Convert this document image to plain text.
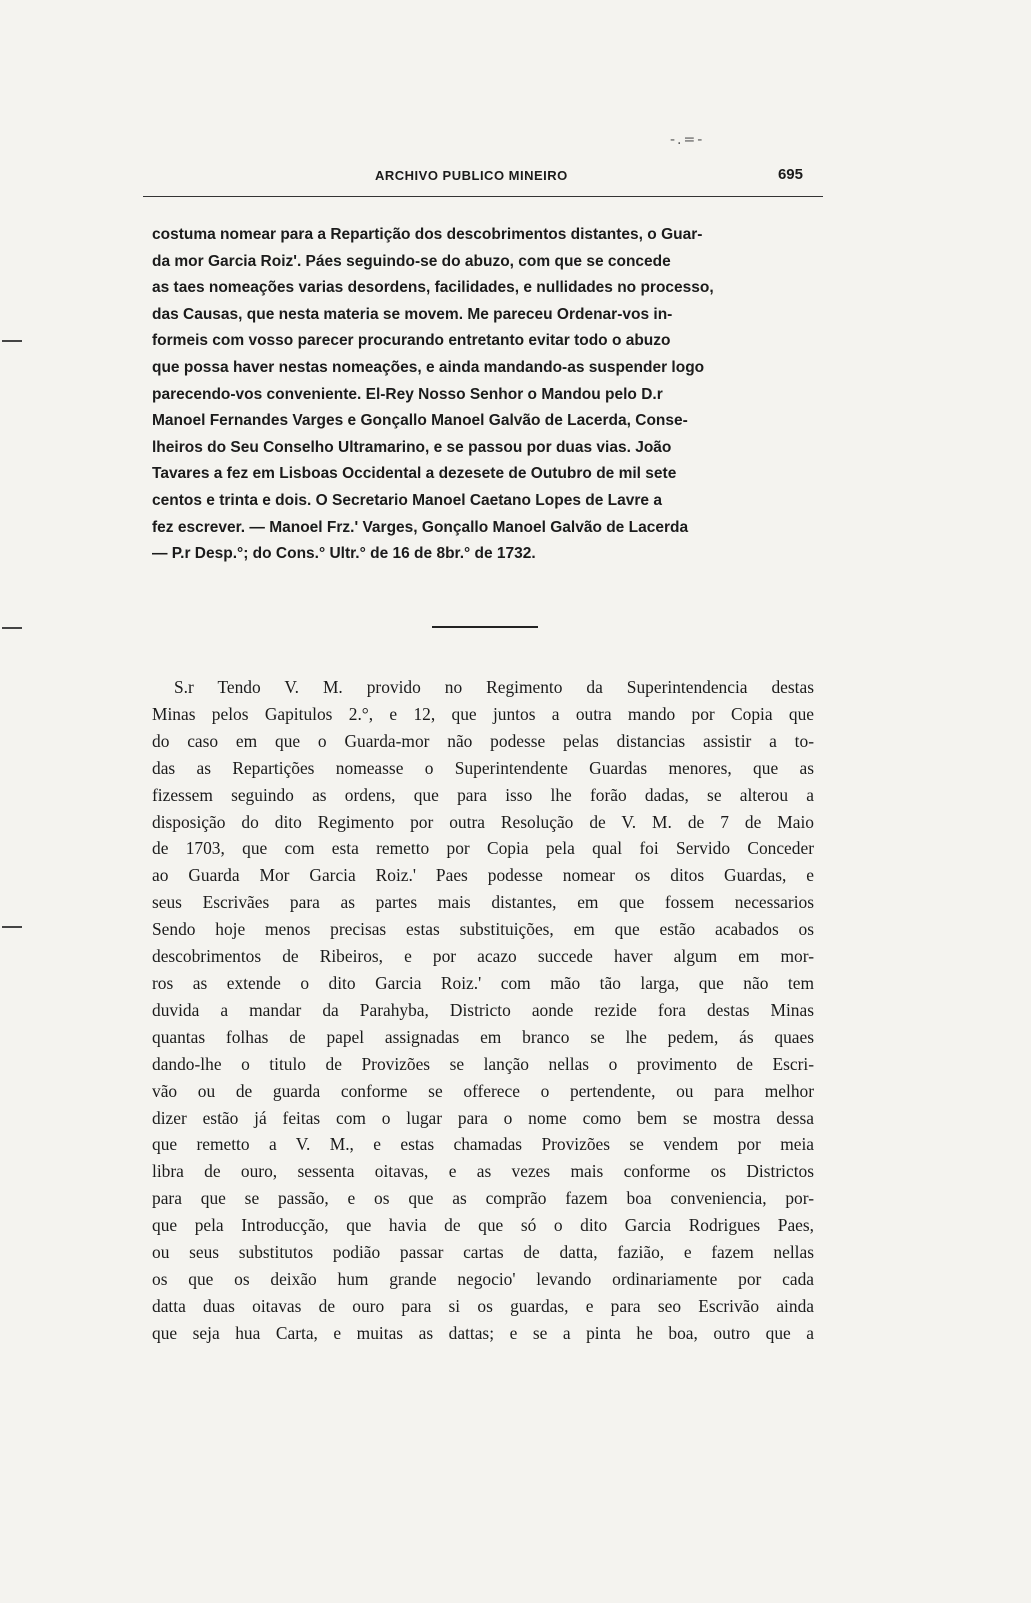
-.=-
ARCHIVO PUBLICO MINEIRO	695
costuma nomear para a Repartição dos descobrimentos distantes, o Guar-
da mor Garcia Roiz'. Páes seguindo-se do abuzo, com que se concede
as taes nomeações varias desordens, facilidades, e nullidades no processo,
das Causas, que nesta materia se movem. Me pareceu Ordenar-vos in-
formeis com vosso parecer procurando entretanto evitar todo o abuzo
que possa haver nestas nomeações, e ainda mandando-as suspender logo
parecendo-vos conveniente. El-Rey Nosso Senhor o Mandou pelo D.r
Manoel Fernandes Varges e Gonçallo Manoel Galvão de Lacerda, Conse-
lheiros do Seu Conselho Ultramarino, e se passou por duas vias. João
Tavares a fez em Lisboas Occidental a dezesete de Outubro de mil sete
centos e trinta e dois. O Secretario Manoel Caetano Lopes de Lavre a
fez escrever. — Manoel Frz.' Varges, Gonçallo Manoel Galvão de Lacerda
— P.r Desp.°; do Cons.° Ultr.° de 16 de 8br.° de 1732.
S.r Tendo V. M. provido no Regimento da Superintendencia destas
Minas pelos Gapitulos 2.°, e 12, que juntos a outra mando por Copia que
do caso em que o Guarda-mor não podesse pelas distancias assistir a to-
das as Repartições nomeasse o Superintendente Guardas menores, que as
fizessem seguindo as ordens, que para isso lhe forão dadas, se alterou a
disposição do dito Regimento por outra Resolução de V. M. de 7 de Maio
de 1703, que com esta remetto por Copia pela qual foi Servido Conceder
ao Guarda Mor Garcia Roiz.' Paes podesse nomear os ditos Guardas, e
seus Escrivães para as partes mais distantes, em que fossem necessarios
Sendo hoje menos precisas estas substituições, em que estão acabados os
descobrimentos de Ribeiros, e por acazo succede haver algum em mor-
ros as extende o dito Garcia Roiz.' com mão tão larga, que não tem
duvida a mandar da Parahyba, Districto aonde rezide fora destas Minas
quantas folhas de papel assignadas em branco se lhe pedem, ás quaes
dando-lhe o titulo de Provizões se lanção nellas o provimento de Escri-
vão ou de guarda conforme se offerece o pertendente, ou para melhor
dizer estão já feitas com o lugar para o nome como bem se mostra dessa
que remetto a V. M., e estas chamadas Provizões se vendem por meia
libra de ouro, sessenta oitavas, e as vezes mais conforme os Districtos
para que se passão, e os que as comprão fazem boa conveniencia, por-
que pela Introducção, que havia de que só o dito Garcia Rodrigues Paes,
ou seus substitutos podião passar cartas de datta, fazião, e fazem nellas
os que os deixão hum grande negocio' levando ordinariamente por cada
datta duas oitavas de ouro para si os guardas, e para seo Escrivão ainda
que seja hua Carta, e muitas as dattas; e se a pinta he boa, outro que a
